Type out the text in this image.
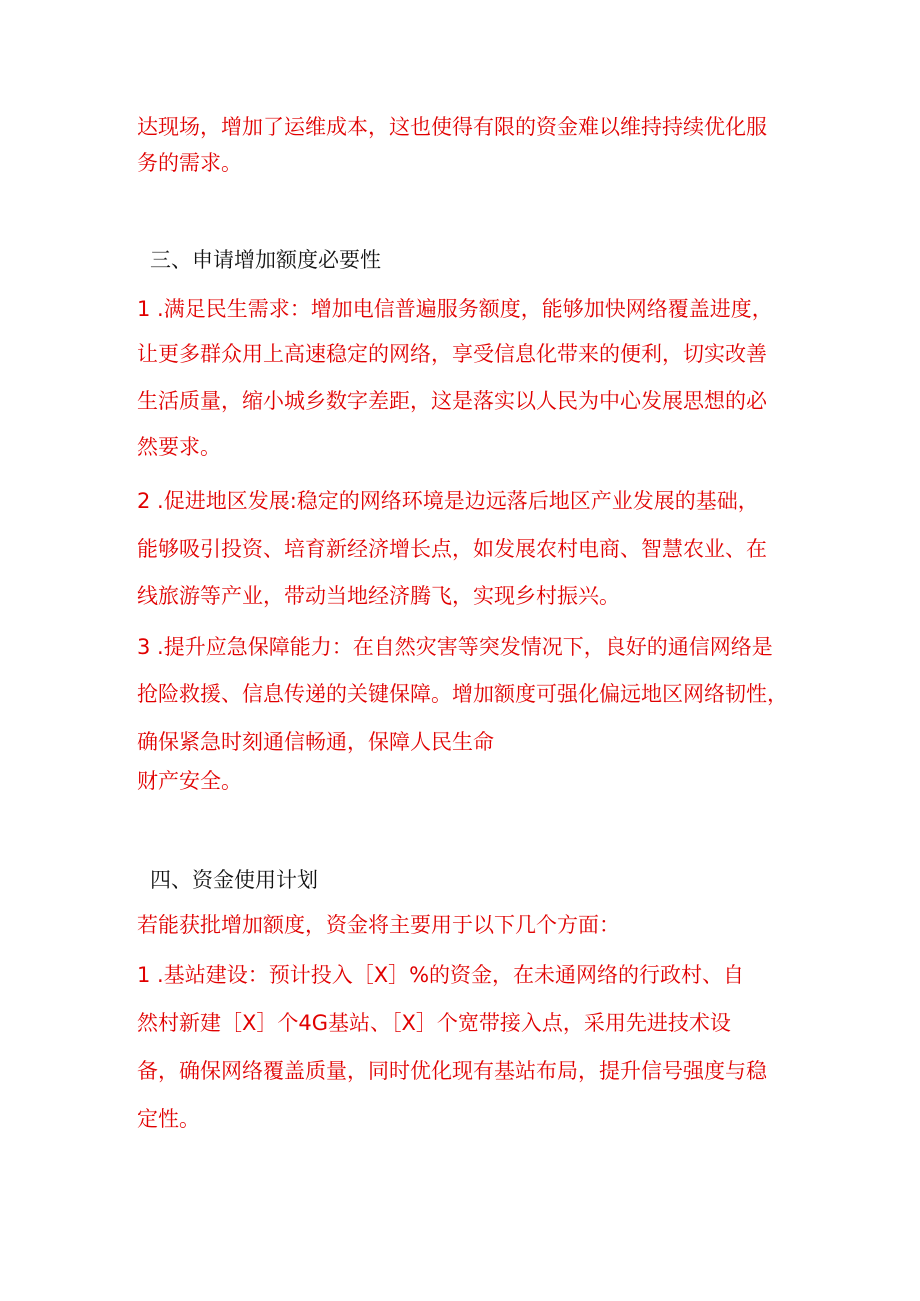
达现场，增加了运维成本，这也使得有限的资金难以维持持续优化服
务的需求。
三、申请增加额度必要性
1 .满足民生需求：增加电信普遍服务额度，能够加快网络覆盖进度，
让更多群众用上高速稳定的网络，享受信息化带来的便利，切实改善
生活质量，缩小城乡数字差距，这是落实以人民为中心发展思想的必
然要求。
2 .促进地区发展:稳定的网络环境是边远落后地区产业发展的基础，
能够吸引投资、培育新经济增长点，如发展农村电商、智慧农业、在
线旅游等产业，带动当地经济腾飞，实现乡村振兴。
3 .提升应急保障能力：在自然灾害等突发情况下，良好的通信网络是
抢险救援、信息传递的关键保障。增加额度可强化偏远地区网络韧性，
确保紧急时刻通信畅通，保障人民生命
财产安全。
四、资金使用计划
若能获批增加额度，资金将主要用于以下几个方面：
1 .基站建设：预计投入［X］%的资金，在未通网络的行政村、自
然村新建［X］个4G基站、［X］个宽带接入点，采用先进技术设
备，确保网络覆盖质量，同时优化现有基站布局，提升信号强度与稳
定性。
